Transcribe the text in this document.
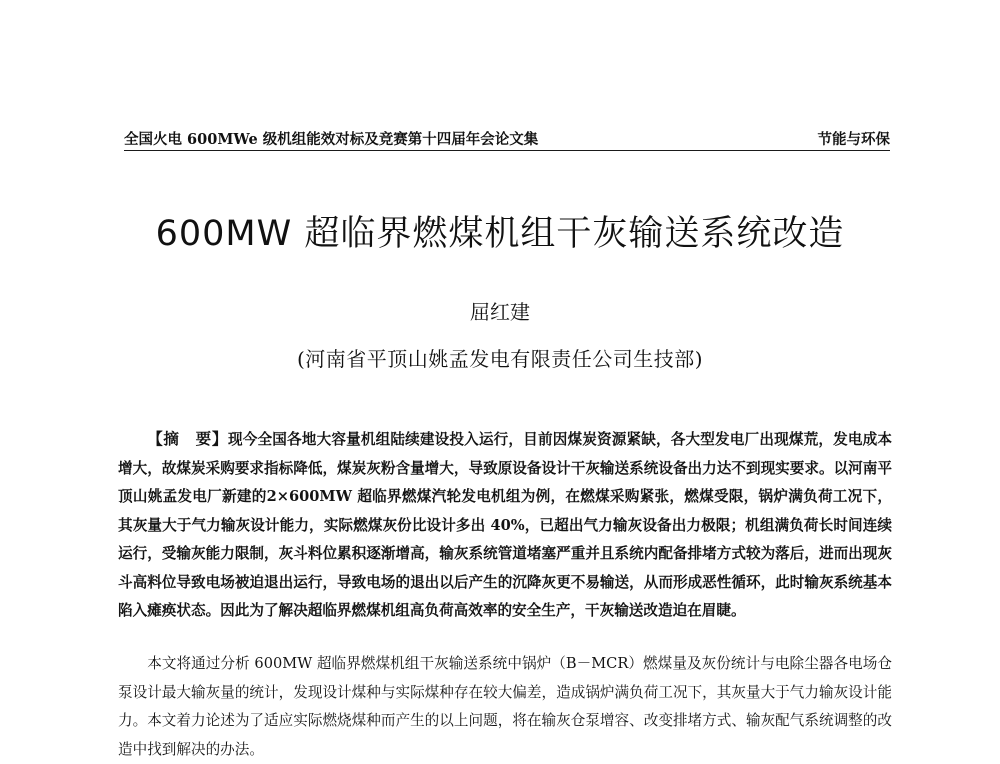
全国火电 600MWe 级机组能效对标及竞赛第十四届年会论文集	节能与环保
600MW 超临界燃煤机组干灰输送系统改造
屈红建
(河南省平顶山姚孟发电有限责任公司生技部)

【摘　要】现今全国各地大容量机组陆续建设投入运行，目前因煤炭资源紧缺，各大型发电厂出现煤荒，发电成本增大，故煤炭采购要求指标降低，煤炭灰粉含量增大，导致原设备设计干灰输送系统设备出力达不到现实要求。以河南平顶山姚孟发电厂新建的2×600MW 超临界燃煤汽轮发电机组为例，在燃煤采购紧张，燃煤受限，锅炉满负荷工况下，其灰量大于气力输灰设计能力，实际燃煤灰份比设计多出 40%，已超出气力输灰设备出力极限；机组满负荷长时间连续运行，受输灰能力限制，灰斗料位累积逐渐增高，输灰系统管道堵塞严重并且系统内配备排堵方式较为落后，进而出现灰斗高料位导致电场被迫退出运行，导致电场的退出以后产生的沉降灰更不易输送，从而形成恶性循环，此时输灰系统基本陷入瘫痪状态。因此为了解决超临界燃煤机组高负荷高效率的安全生产，干灰输送改造迫在眉睫。

本文将通过分析 600MW 超临界燃煤机组干灰输送系统中锅炉（B－MCR）燃煤量及灰份统计与电除尘器各电场仓泵设计最大输灰量的统计，发现设计煤种与实际煤种存在较大偏差，造成锅炉满负荷工况下，其灰量大于气力输灰设计能力。本文着力论述为了适应实际燃烧煤种而产生的以上问题，将在输灰仓泵增容、改变排堵方式、输灰配气系统调整的改造中找到解决的办法。
